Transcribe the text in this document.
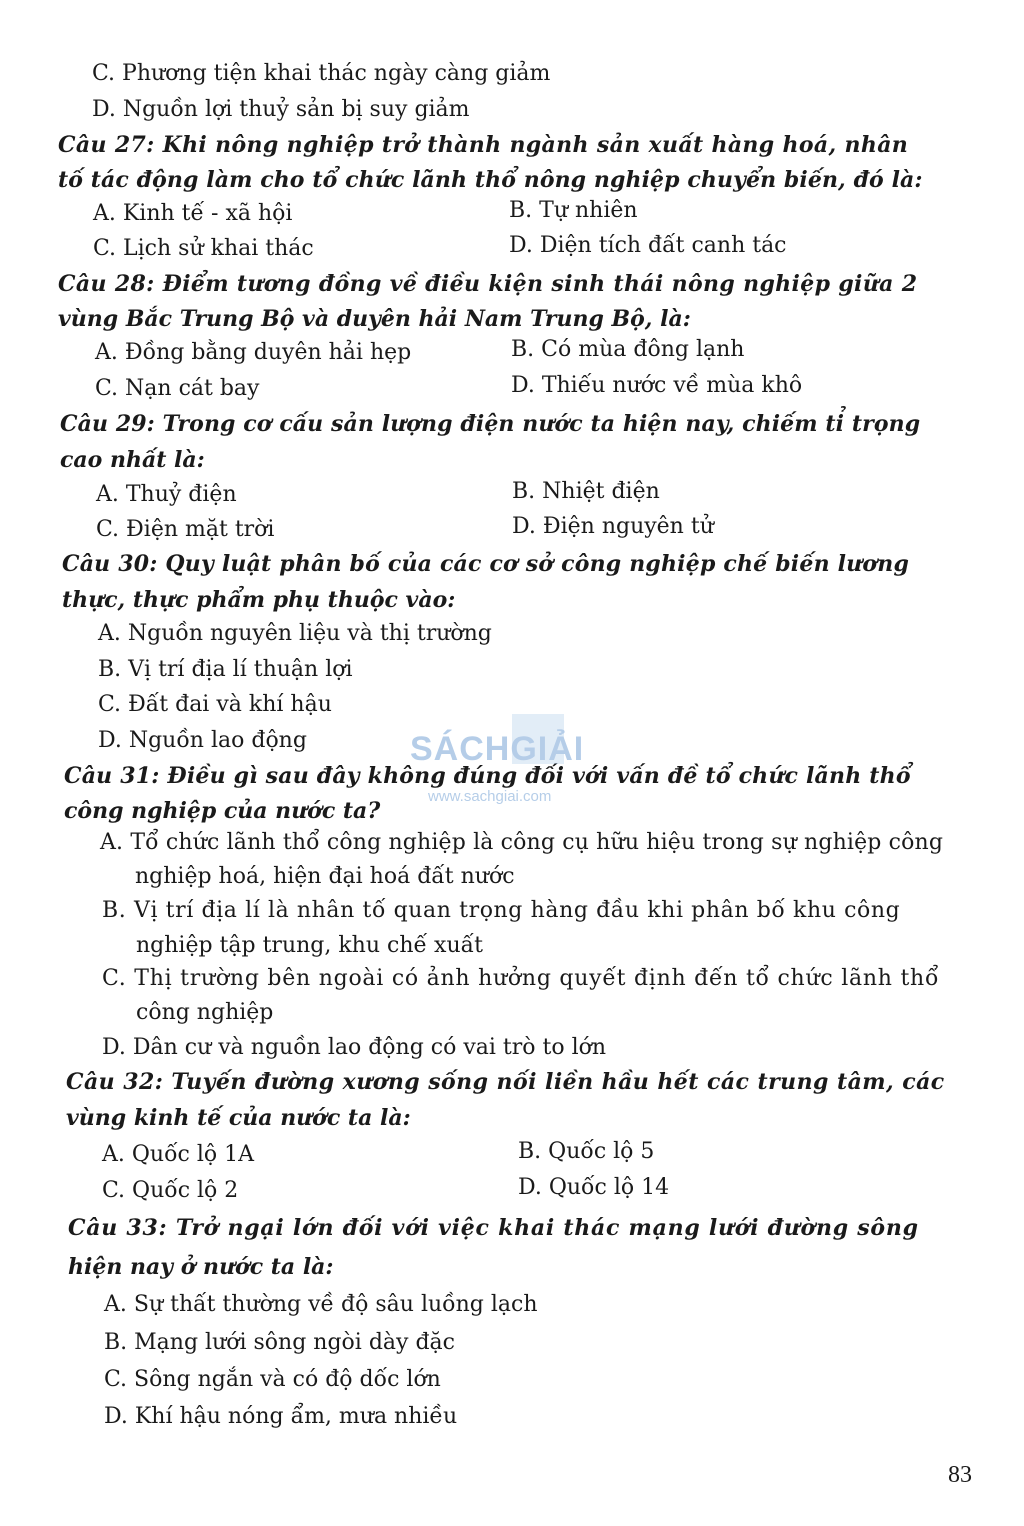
C. Phương tiện khai thác ngày càng giảm
D. Nguồn lợi thuỷ sản bị suy giảm
Câu 27: Khi nông nghiệp trở thành ngành sản xuất hàng hoá, nhân
tố tác động làm cho tổ chức lãnh thổ nông nghiệp chuyển biến, đó là:
A. Kinh tế - xã hội	B. Tự nhiên
C. Lịch sử khai thác	D. Diện tích đất canh tác
Câu 28: Điểm tương đồng về điều kiện sinh thái nông nghiệp giữa 2
vùng Bắc Trung Bộ và duyên hải Nam Trung Bộ, là:
A. Đồng bằng duyên hải hẹp	B. Có mùa đông lạnh
C. Nạn cát bay	D. Thiếu nước về mùa khô
Câu 29: Trong cơ cấu sản lượng điện nước ta hiện nay, chiếm tỉ trọng
cao nhất là:
A. Thuỷ điện	B. Nhiệt điện
C. Điện mặt trời	D. Điện nguyên tử
Câu 30: Quy luật phân bố của các cơ sở công nghiệp chế biến lương
thực, thực phẩm phụ thuộc vào:
A. Nguồn nguyên liệu và thị trường
B. Vị trí địa lí thuận lợi
C. Đất đai và khí hậu
D. Nguồn lao động
Câu 31: Điều gì sau đây không đúng đối với vấn đề tổ chức lãnh thổ
công nghiệp của nước ta?
A. Tổ chức lãnh thổ công nghiệp là công cụ hữu hiệu trong sự nghiệp công
nghiệp hoá, hiện đại hoá đất nước
B. Vị trí địa lí là nhân tố quan trọng hàng đầu khi phân bố khu công
nghiệp tập trung, khu chế xuất
C. Thị trường bên ngoài có ảnh hưởng quyết định đến tổ chức lãnh thổ
công nghiệp
D. Dân cư và nguồn lao động có vai trò to lớn
Câu 32: Tuyến đường xương sống nối liền hầu hết các trung tâm, các
vùng kinh tế của nước ta là:
A. Quốc lộ 1A	B. Quốc lộ 5
C. Quốc lộ 2	D. Quốc lộ 14
Câu 33: Trở ngại lớn đối với việc khai thác mạng lưới đường sông
hiện nay ở nước ta là:
A. Sự thất thường về độ sâu luồng lạch
B. Mạng lưới sông ngòi dày đặc
C. Sông ngắn và có độ dốc lớn
D. Khí hậu nóng ẩm, mưa nhiều
SÁCHGIẢI
www.sachgiai.com
83
